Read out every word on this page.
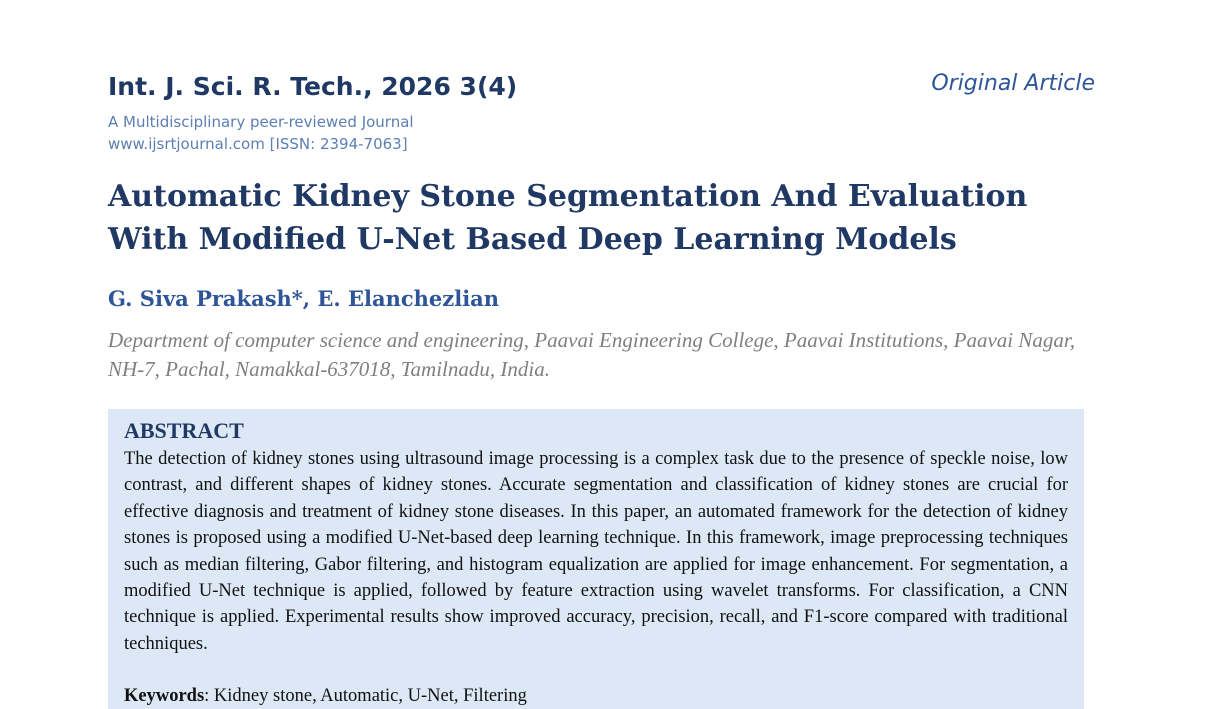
Int. J. Sci. R. Tech., 2026 3(4)
A Multidisciplinary peer-reviewed Journal
www.ijsrtjournal.com [ISSN: 2394-7063]
Original Article
Automatic Kidney Stone Segmentation And Evaluation With Modified U-Net Based Deep Learning Models
G. Siva Prakash*, E. Elanchezlian
Department of computer science and engineering, Paavai Engineering College, Paavai Institutions, Paavai Nagar, NH-7, Pachal, Namakkal-637018, Tamilnadu, India.
ABSTRACT
The detection of kidney stones using ultrasound image processing is a complex task due to the presence of speckle noise, low contrast, and different shapes of kidney stones. Accurate segmentation and classification of kidney stones are crucial for effective diagnosis and treatment of kidney stone diseases. In this paper, an automated framework for the detection of kidney stones is proposed using a modified U-Net-based deep learning technique. In this framework, image preprocessing techniques such as median filtering, Gabor filtering, and histogram equalization are applied for image enhancement. For segmentation, a modified U-Net technique is applied, followed by feature extraction using wavelet transforms. For classification, a CNN technique is applied. Experimental results show improved accuracy, precision, recall, and F1-score compared with traditional techniques.
Keywords: Kidney stone, Automatic, U-Net, Filtering
